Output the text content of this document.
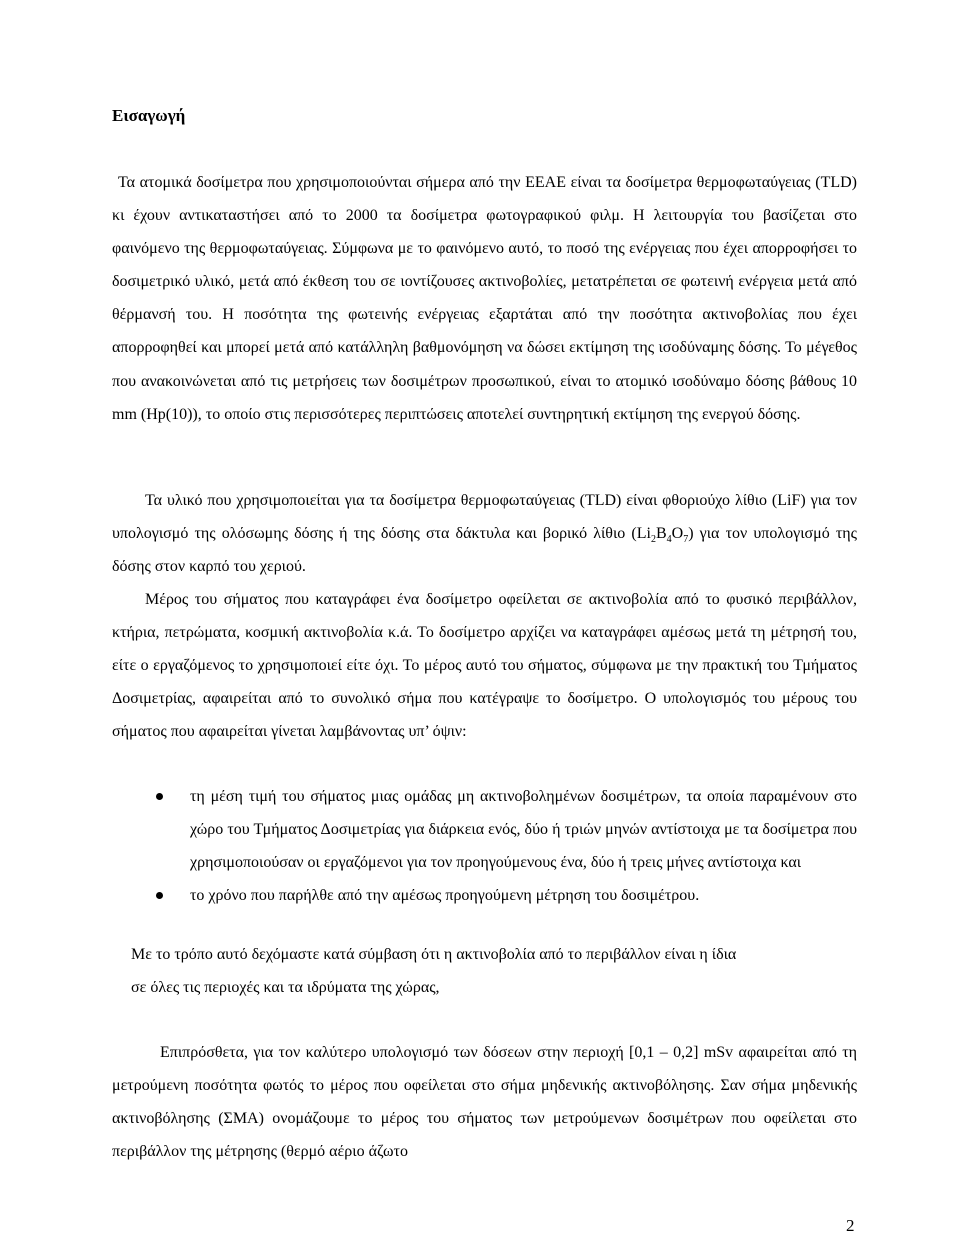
Εισαγωγή
Τα ατομικά δοσίμετρα που χρησιμοποιούνται σήμερα από την ΕΕΑΕ είναι τα δοσίμετρα θερμοφωταύγειας (TLD) κι έχουν αντικαταστήσει από το 2000 τα δοσίμετρα φωτογραφικού φιλμ. Η λειτουργία του βασίζεται στο φαινόμενο της θερμοφωταύγειας. Σύμφωνα με το φαινόμενο αυτό, το ποσό της ενέργειας που έχει απορροφήσει το δοσιμετρικό υλικό, μετά από έκθεση του σε ιοντίζουσες ακτινοβολίες, μετατρέπεται σε φωτεινή ενέργεια μετά από θέρμανσή του. Η ποσότητα της φωτεινής ενέργειας εξαρτάται από την ποσότητα ακτινοβολίας που έχει απορροφηθεί και μπορεί μετά από κατάλληλη βαθμονόμηση να δώσει εκτίμηση της ισοδύναμης δόσης. Το μέγεθος που ανακοινώνεται από τις μετρήσεις των δοσιμέτρων προσωπικού, είναι το ατομικό ισοδύναμο δόσης βάθους 10 mm (Hp(10)), το οποίο στις περισσότερες περιπτώσεις αποτελεί συντηρητική εκτίμηση της ενεργού δόσης.
Τα υλικό που χρησιμοποιείται για τα δοσίμετρα θερμοφωταύγειας (TLD) είναι φθοριούχο λίθιο (LiF) για τον υπολογισμό της ολόσωμης δόσης ή της δόσης στα δάκτυλα και βορικό λίθιο $(Li_2B_4O_7)$ για τον υπολογισμό της δόσης στον καρπό του χεριού.
Μέρος του σήματος που καταγράφει ένα δοσίμετρο οφείλεται σε ακτινοβολία από το φυσικό περιβάλλον, κτήρια, πετρώματα, κοσμική ακτινοβολία κ.ά. Το δοσίμετρο αρχίζει να καταγράφει αμέσως μετά τη μέτρησή του, είτε ο εργαζόμενος το χρησιμοποιεί είτε όχι. Το μέρος αυτό του σήματος, σύμφωνα με την πρακτική του Τμήματος Δοσιμετρίας, αφαιρείται από το συνολικό σήμα που κατέγραψε το δοσίμετρο. Ο υπολογισμός του μέρους του σήματος που αφαιρείται γίνεται λαμβάνοντας υπ’ όψιν:
τη μέση τιμή του σήματος μιας ομάδας μη ακτινοβολημένων δοσιμέτρων, τα οποία παραμένουν στο χώρο του Τμήματος Δοσιμετρίας για διάρκεια ενός, δύο ή τριών μηνών αντίστοιχα με τα δοσίμετρα που χρησιμοποιούσαν οι εργαζόμενοι για τον προηγούμενους ένα, δύο ή τρεις μήνες αντίστοιχα και
το χρόνο που παρήλθε από την αμέσως προηγούμενη μέτρηση του δοσιμέτρου.
Με το τρόπο αυτό δεχόμαστε κατά σύμβαση ότι η ακτινοβολία από το περιβάλλον είναι η ίδια
σε όλες τις περιοχές και τα ιδρύματα της χώρας,
Επιπρόσθετα, για τον καλύτερο υπολογισμό των δόσεων στην περιοχή [0,1 – 0,2] mSv αφαιρείται από τη μετρούμενη ποσότητα φωτός το μέρος που οφείλεται στο σήμα μηδενικής ακτινοβόλησης. Σαν σήμα μηδενικής ακτινοβόλησης (ΣΜΑ) ονομάζουμε το μέρος του σήματος των μετρούμενων δοσιμέτρων που οφείλεται στο περιβάλλον της μέτρησης (θερμό αέριο άζωτο
2
